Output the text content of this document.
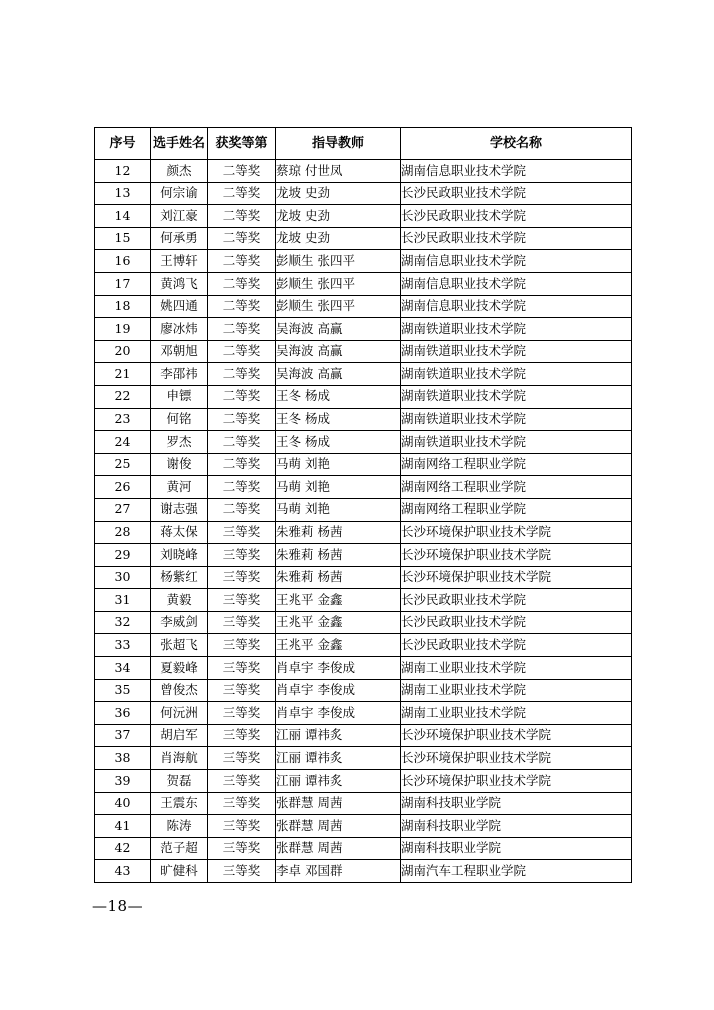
序号	选手姓名	获奖等第	指导教师	学校名称
12	颜杰	二等奖	蔡琼 付世凤	湖南信息职业技术学院
13	何宗谕	二等奖	龙坡 史劲	长沙民政职业技术学院
14	刘江豪	二等奖	龙坡 史劲	长沙民政职业技术学院
15	何承勇	二等奖	龙坡 史劲	长沙民政职业技术学院
16	王博轩	二等奖	彭顺生 张四平	湖南信息职业技术学院
17	黄鸿飞	二等奖	彭顺生 张四平	湖南信息职业技术学院
18	姚四通	二等奖	彭顺生 张四平	湖南信息职业技术学院
19	廖冰炜	二等奖	吴海波 高赢	湖南铁道职业技术学院
20	邓朝旭	二等奖	吴海波 高赢	湖南铁道职业技术学院
21	李邵祎	二等奖	吴海波 高赢	湖南铁道职业技术学院
22	申镖	二等奖	王冬 杨成	湖南铁道职业技术学院
23	何铭	二等奖	王冬 杨成	湖南铁道职业技术学院
24	罗杰	二等奖	王冬 杨成	湖南铁道职业技术学院
25	谢俊	二等奖	马萌 刘艳	湖南网络工程职业学院
26	黄河	二等奖	马萌 刘艳	湖南网络工程职业学院
27	谢志强	二等奖	马萌 刘艳	湖南网络工程职业学院
28	蒋太保	三等奖	朱雅莉 杨茜	长沙环境保护职业技术学院
29	刘晓峰	三等奖	朱雅莉 杨茜	长沙环境保护职业技术学院
30	杨紫红	三等奖	朱雅莉 杨茜	长沙环境保护职业技术学院
31	黄毅	三等奖	王兆平 金鑫	长沙民政职业技术学院
32	李威剑	三等奖	王兆平 金鑫	长沙民政职业技术学院
33	张超飞	三等奖	王兆平 金鑫	长沙民政职业技术学院
34	夏毅峰	三等奖	肖卓宇 李俊成	湖南工业职业技术学院
35	曾俊杰	三等奖	肖卓宇 李俊成	湖南工业职业技术学院
36	何沅洲	三等奖	肖卓宇 李俊成	湖南工业职业技术学院
37	胡启军	三等奖	江丽 谭祎炙	长沙环境保护职业技术学院
38	肖海航	三等奖	江丽 谭祎炙	长沙环境保护职业技术学院
39	贺磊	三等奖	江丽 谭祎炙	长沙环境保护职业技术学院
40	王震东	三等奖	张群慧 周茜	湖南科技职业学院
41	陈涛	三等奖	张群慧 周茜	湖南科技职业学院
42	范子超	三等奖	张群慧 周茜	湖南科技职业学院
43	旷健科	三等奖	李卓 邓国群	湖南汽车工程职业学院
—18—
